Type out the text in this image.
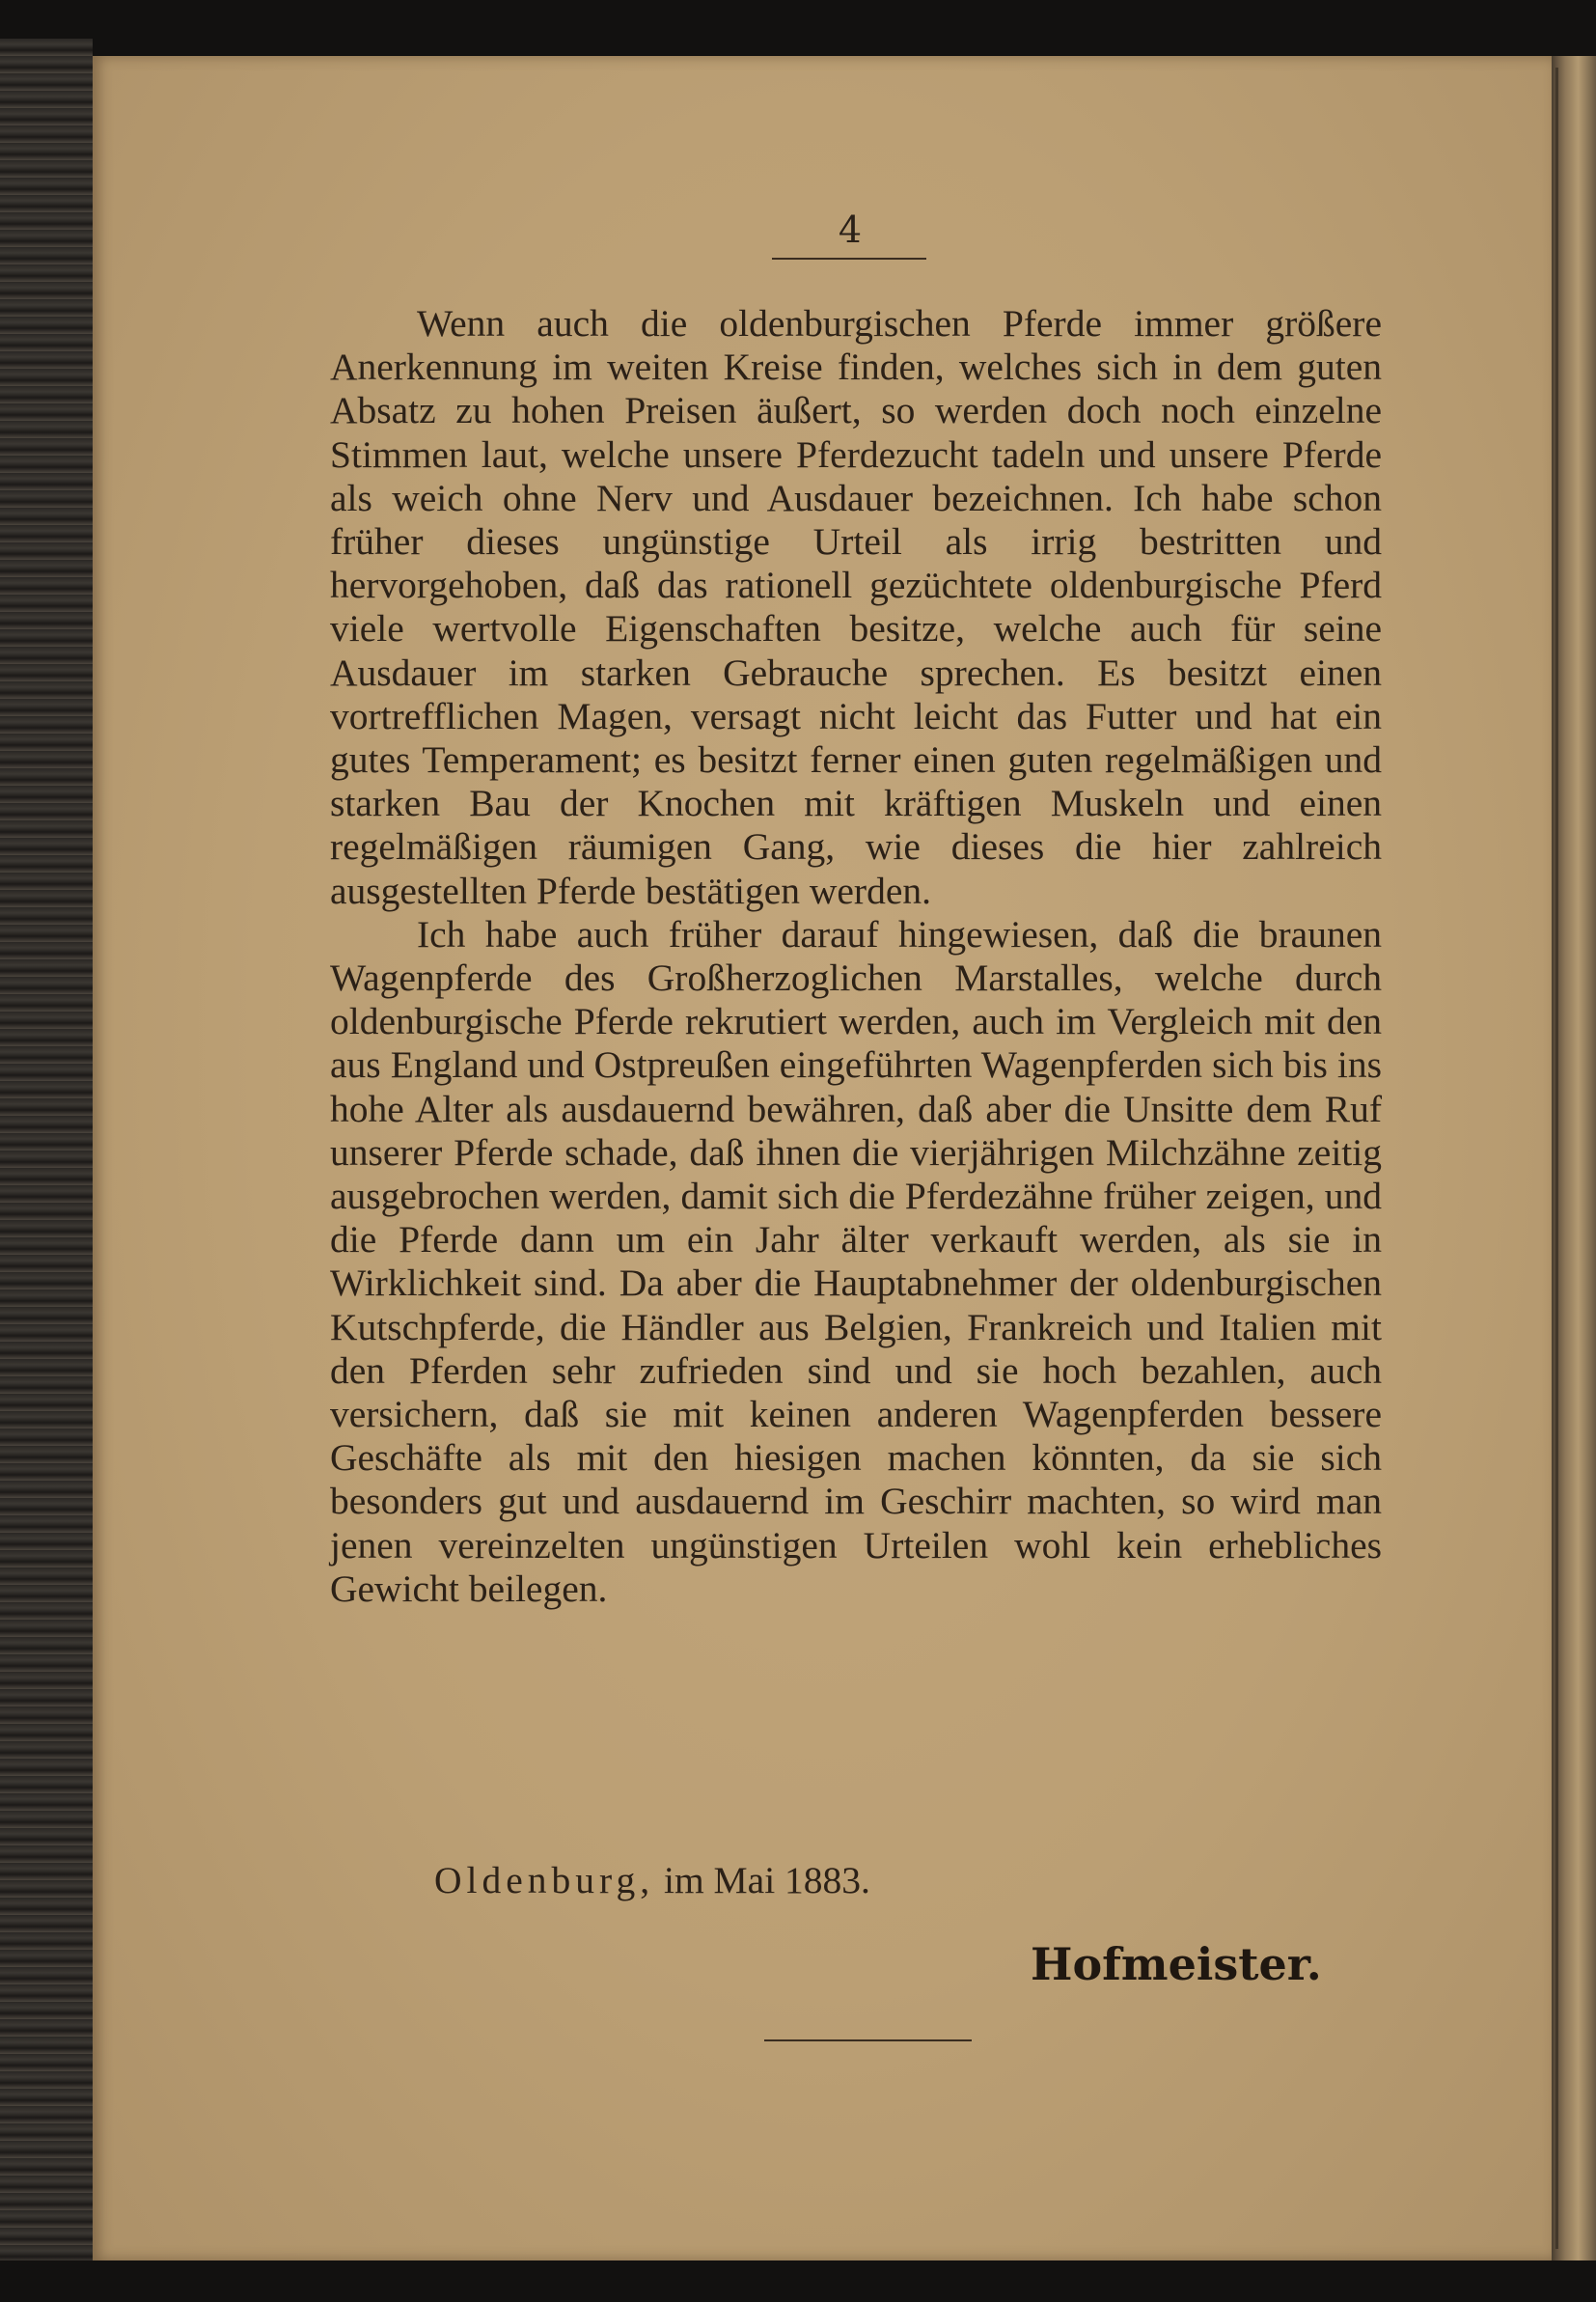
4

Wenn auch die oldenburgischen Pferde immer größere Anerkennung im weiten Kreise finden, welches sich in dem guten Absatz zu hohen Preisen äußert, so werden doch noch einzelne Stimmen laut, welche unsere Pferdezucht tadeln und unsere Pferde als weich ohne Nerv und Ausdauer bezeichnen. Ich habe schon früher dieses ungünstige Urteil als irrig bestritten und hervorgehoben, daß das rationell gezüchtete oldenburgische Pferd viele wertvolle Eigenschaften besitze, welche auch für seine Ausdauer im starken Gebrauche sprechen. Es besitzt einen vortrefflichen Magen, versagt nicht leicht das Futter und hat ein gutes Temperament; es besitzt ferner einen guten regelmäßigen und starken Bau der Knochen mit kräftigen Muskeln und einen regelmäßigen räumigen Gang, wie dieses die hier zahlreich ausgestellten Pferde bestätigen werden.

Ich habe auch früher darauf hingewiesen, daß die braunen Wagenpferde des Großherzoglichen Marstalles, welche durch oldenburgische Pferde rekrutiert werden, auch im Vergleich mit den aus England und Ostpreußen eingeführten Wagenpferden sich bis ins hohe Alter als ausdauernd bewähren, daß aber die Unsitte dem Ruf unserer Pferde schade, daß ihnen die vierjährigen Milchzähne zeitig ausgebrochen werden, damit sich die Pferdezähne früher zeigen, und die Pferde dann um ein Jahr älter verkauft werden, als sie in Wirklichkeit sind. Da aber die Hauptabnehmer der oldenburgischen Kutschpferde, die Händler aus Belgien, Frankreich und Italien mit den Pferden sehr zufrieden sind und sie hoch bezahlen, auch versichern, daß sie mit keinen anderen Wagenpferden bessere Geschäfte als mit den hiesigen machen könnten, da sie sich besonders gut und ausdauernd im Geschirr machten, so wird man jenen vereinzelten ungünstigen Urteilen wohl kein erhebliches Gewicht beilegen.

Oldenburg, im Mai 1883.
Hofmeister.
